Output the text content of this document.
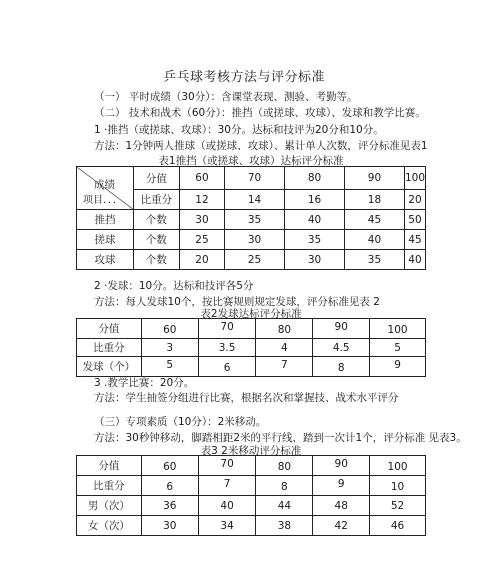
乒乓球考核方法与评分标准
（一） 平时成绩（30分）：含课堂表现、测验、考勤等。
（二） 技术和战术（60分）：推挡（或搓球、攻球）、发球和教学比赛。
1 ·推挡（或搓球、攻球）：30分。达标和技评为20分和10分。
方法：1分钟两人推球（或搓球、攻球）、累计单人次数，评分标准见表1
表1推挡（或搓球、攻球）达标评分标准
成绩
项目．．．	分值	60	70	80	90	100
	比重分	12	14	16	18	20
推挡	个数	30	35	40	45	50
搓球	个数	25	30	35	40	45
攻球	个数	20	25	30	35	40
2 ·发球：10分。达标和技评各5分
方法：每人发球10个，按比赛规则规定发球，评分标准见表 2
表2发球达标评分标准
分值	60	70	80	90	100
比重分	3	3.5	4	4.5	5
发球（个）	5	6	7	8	9
3 .教学比赛：20分。
方法：学生抽签分组进行比赛，根据名次和掌握技、战术水平评分
（三）专项素质（10分）：2米移动。
方法：30秒钟移动，脚踏相距2米的平行线，踏到一次计1个，评分标准 见表3。
表3 2米移动评分标准
分值	60	70	80	90	100
比重分	6	7	8	9	10
男（次）	36	40	44	48	52
女（次）	30	34	38	42	46
